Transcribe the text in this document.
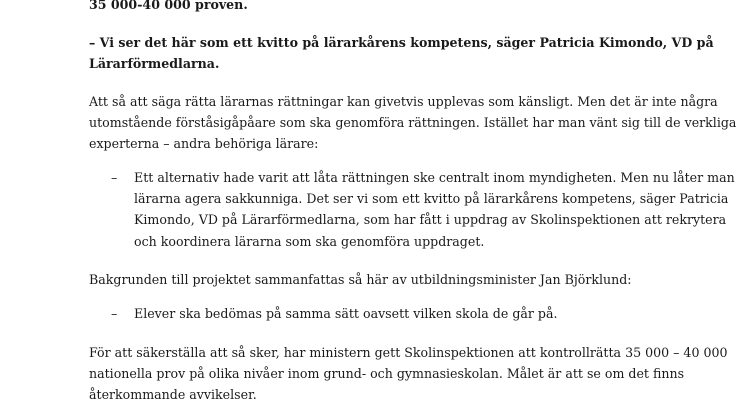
35 000-40 000 proven.
– Vi ser det här som ett kvitto på lärarkårens kompetens, säger Patricia Kimondo, VD på
Lärarförmedlarna.
Att så att säga rätta lärarnas rättningar kan givetvis upplevas som känsligt. Men det är inte några
utomstående förståsigåpåare som ska genomföra rättningen. Istället har man vänt sig till de verkliga
experterna – andra behöriga lärare:
– Ett alternativ hade varit att låta rättningen ske centralt inom myndigheten. Men nu låter man
lärarna agera sakkunniga. Det ser vi som ett kvitto på lärarkårens kompetens, säger Patricia
Kimondo, VD på Lärarförmedlarna, som har fått i uppdrag av Skolinspektionen att rekrytera
och koordinera lärarna som ska genomföra uppdraget.
Bakgrunden till projektet sammanfattas så här av utbildningsminister Jan Björklund:
– Elever ska bedömas på samma sätt oavsett vilken skola de går på.
För att säkerställa att så sker, har ministern gett Skolinspektionen att kontrollrätta 35 000 – 40 000
nationella prov på olika nivåer inom grund- och gymnasieskolan. Målet är att se om det finns
återkommande avvikelser.
